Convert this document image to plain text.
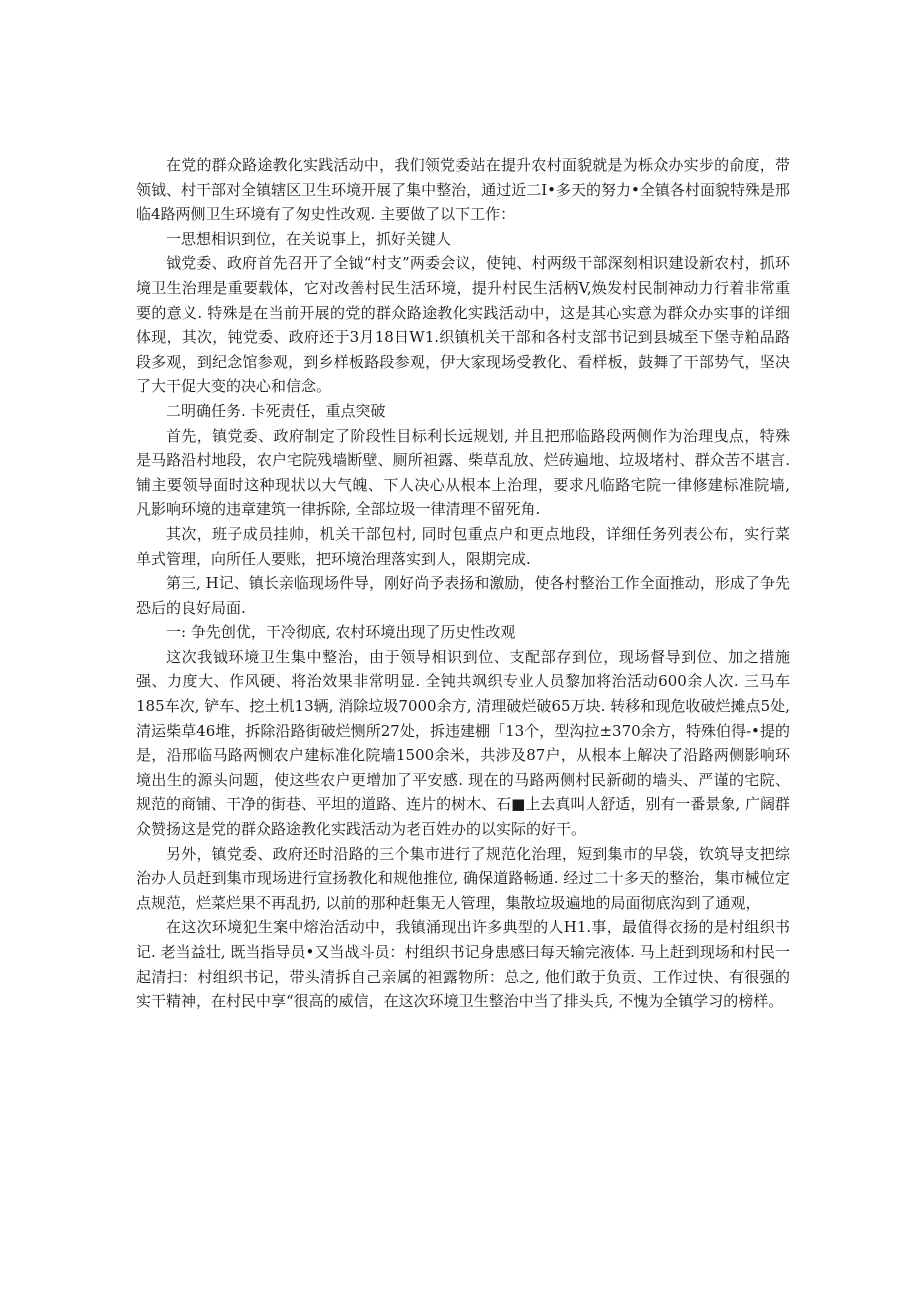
在党的群众路途教化实践活动中，我们领党委站在提升农村面貌就是为栎众办实步的俞度，带领钺、村干部对全镇辖区卫生环境开展了集中整治，通过近二I•多天的努力•全镇各村面貌特殊是邢临4路两侧卫生环境有了匆史性改观. 主要做了以下工作：

一思想相识到位，在关说事上，抓好关键人

钺党委、政府首先召开了全钺“村支”两委会议，使钝、村两级干部深刻相识建设新农村，抓环境卫生治理是重要载体，它对改善村民生活环境，提升村民生活柄V,焕发村民制神动力行着非常重要的意义. 特殊是在当前开展的党的群众路途教化实践活动中，这是其心实意为群众办实事的详细体现，其次，钝党委、政府还于3月18日W1.织镇机关干部和各村支部书记到县城至下堡寺粕品路段多观，到纪念馆参观，到乡样板路段参观，伊大家现场受教化、看样板，鼓舞了干部势气，坚决了大干促大变的决心和信念。

二明确任务. 卡死责任，重点突破

首先，镇党委、政府制定了阶段性目标利长远规划, 并且把邢临路段两侧作为治理曳点，特殊是马路沿村地段，农户宅院残墙断壁、厕所袒露、柴草乱放、烂砖遍地、垃圾堵村、群众苦不堪言. 铺主要领导面时这种现状以大气魄、下人决心从根本上治理，要求凡临路宅院一律修建标准院墙, 凡影响环境的违章建筑一律拆除, 全部垃圾一律清理不留死角.

其次，班子成员挂帅，机关干部包村, 同时包重点户和更点地段，详细任务列表公布，实行菜单式管理，向所任人要账，把环境治理落实到人，限期完成.

第三, H记、镇长亲临现场件导，刚好尚予表扬和激励，使各村整治工作全面推动，形成了争先恐后的良好局面.

一: 争先创优，干冷彻底, 农村环境出现了历史性改观

这次我钺环境卫生集中整治，由于领导相识到位、支配部存到位，现场督导到位、加之措施强、力度大、作风硬、将治效果非常明显. 全钝共飒织专业人员黎加将治活动600余人次. 三马车185车次, 铲车、挖土机13辆, 消除垃圾7000余方, 清理破烂破65万块. 转移和现危收破烂摊点5处, 清运柴草46堆，拆除沿路街破烂恻所27处，拆违建棚「13个，型沟拉±370余方，特殊伯得-•提的是，沿邢临马路两恻农户建标准化院墙1500余米，共涉及87户，从根本上解决了沿路两侧影响环境出生的源头问题，使这些农户更增加了平安感. 现在的马路两侧村民新砌的墙头、严谨的宅院、规范的商铺、干净的街巷、平坦的道路、连片的树木、石■上去真叫人舒适，别有一番景象, 广阔群众赞扬这是党的群众路途教化实践活动为老百姓办的以实际的好干。

另外，镇党委、政府还时沿路的三个集市进行了规范化治理，短到集市的早袋，钦筑导支把综治办人员赶到集市现场进行宣扬教化和规他推位, 确保道路畅通. 经过二十多天的整治，集市械位定点规范，烂菜烂果不再乱扔, 以前的那种赶集无人管理，集散垃圾遍地的局面彻底沟到了通观，

在这次环境犯生案中熔治活动中，我镇涌现出许多典型的人H1.事，最值得衣扬的是村组织书记. 老当益壮, 既当指导员•又当战斗员：村组织书记身患感曰每天输完液体. 马上赶到现场和村民一起清扫：村组织书记，带头清拆自己亲属的袒露物所：总之, 他们敢于负贡、工作过快、有很强的实干精神，在村民中享“很高的威信，在这次环境卫生整治中当了排头兵, 不愧为全镇学习的榜样。
